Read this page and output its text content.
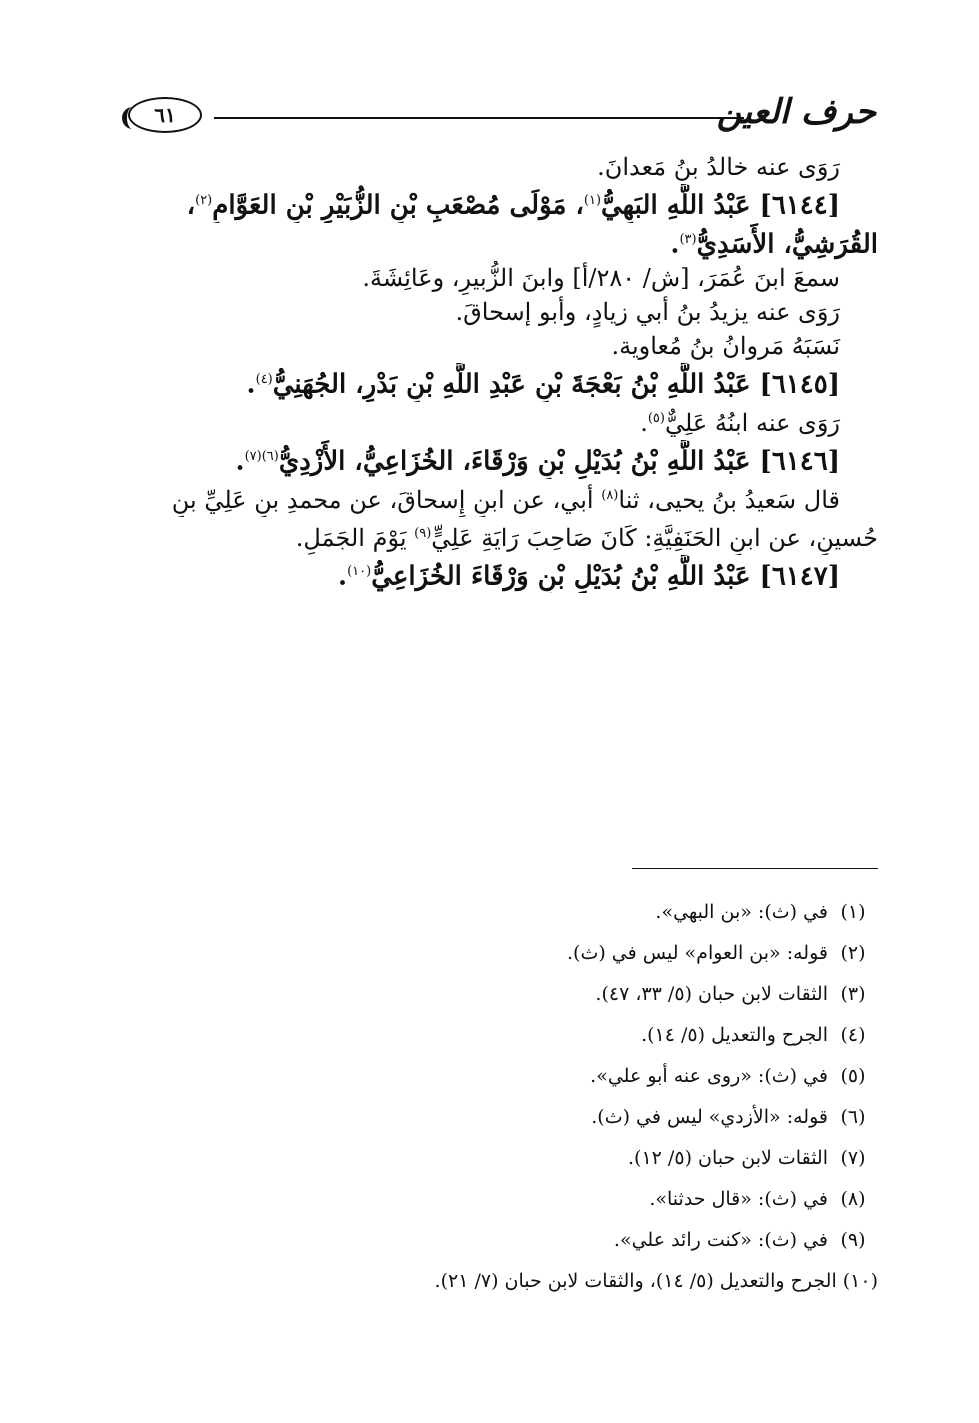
حرف العين
٦١
رَوَى عنه خالدُ بنُ مَعدانَ.
[٦١٤٤] عَبْدُ اللَّهِ البَهِيُّ$^{(١)}$، مَوْلَى مُصْعَبِ بْنِ الزُّبَيْرِ بْنِ العَوَّامِ$^{(٢)}$،
القُرَشِيُّ، الأَسَدِيُّ$^{(٣)}$.
سمعَ ابنَ عُمَرَ، [ش/ ٢٨٠/أ] وابنَ الزُّبيرِ، وعَائِشَةَ.
رَوَى عنه يزيدُ بنُ أبي زيادٍ، وأبو إسحاقَ.
نَسَبَهُ مَروانُ بنُ مُعاوية.
[٦١٤٥] عَبْدُ اللَّهِ بْنُ بَعْجَةَ بْنِ عَبْدِ اللَّهِ بْنِ بَدْرٍ، الجُهَنِيُّ$^{(٤)}$.
رَوَى عنه ابنُهُ عَلِيٌّ$^{(٥)}$.
[٦١٤٦] عَبْدُ اللَّهِ بْنُ بُدَيْلِ بْنِ وَرْقَاءَ، الخُزَاعِيُّ، الأَزْدِيُّ$^{(٦)(٧)}$.
قال سَعيدُ بنُ يحيى، ثنا$^{(٨)}$ أبي، عن ابنِ إِسحاقَ، عن محمدِ بنِ عَلِيِّ بنِ
حُسينٍ، عن ابنِ الحَنَفِيَّةِ: كَانَ صَاحِبَ رَايَةِ عَلِيٍّ$^{(٩)}$ يَوْمَ الجَمَلِ.
[٦١٤٧] عَبْدُ اللَّهِ بْنُ بُدَيْلِ بْنِ وَرْقَاءَ الخُزَاعِيُّ$^{(١٠)}$.
(١)في (ث): «بن البهي».
(٢)قوله: «بن العوام» ليس في (ث).
(٣)الثقات لابن حبان (٥/ ٣٣، ٤٧).
(٤)الجرح والتعديل (٥/ ١٤).
(٥)في (ث): «روى عنه أبو علي».
(٦)قوله: «الأزدي» ليس في (ث).
(٧)الثقات لابن حبان (٥/ ١٢).
(٨)في (ث): «قال حدثنا».
(٩)في (ث): «كنت رائد علي».
(١٠)الجرح والتعديل (٥/ ١٤)، والثقات لابن حبان (٧/ ٢١).
